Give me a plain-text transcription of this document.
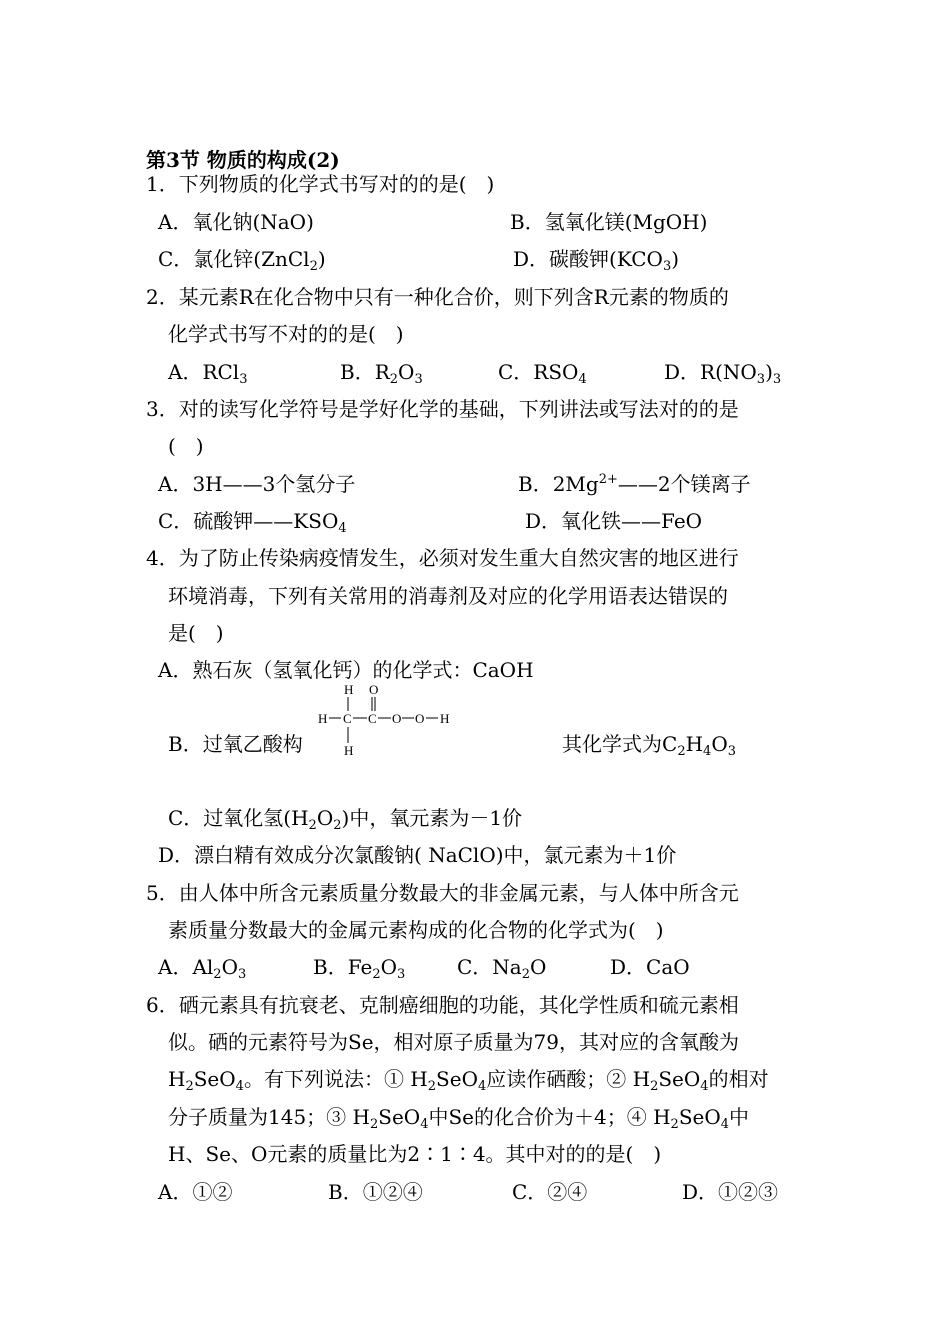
第3节 物质的构成(2)
1．下列物质的化学式书写对的的是(　)
A．氧化钠(NaO)	B．氢氧化镁(MgOH)
C．氯化锌(ZnCl$_2$)	D．碳酸钾$(KCO_3)$
2．某元素R在化合物中只有一种化合价，则下列含R元素的物质的
化学式书写不对的的是(　)
A．RCl$_3$	B．$R_2O_3$	C．$RSO_4$	D．$R(NO_3)_3$
3．对的读写化学符号是学好化学的基础，下列讲法或写法对的的是
(　)
A．3H——3个氢分子	B．$2Mg^{2+}——2$个镁离子
C．硫酸钾$——KSO_4$	D．氧化铁——FeO
4．为了防止传染病疫情发生，必须对发生重大自然灾害的地区进行
环境消毒，下列有关常用的消毒剂及对应的化学用语表达错误的
是(　)
A．熟石灰（氢氧化钙）的化学式：CaOH
H O
H C C O O H
H
B．过氧乙酸构	其化学式为$C_2H_4O_3$
C．过氧化氢$(H_2O_2)$中，氧元素为－1价
D．漂白精有效成分次氯酸钠( NaClO)中，氯元素为＋1价
5．由人体中所含元素质量分数最大的非金属元素，与人体中所含元
素质量分数最大的金属元素构成的化合物的化学式为(　)
A．$Al_2O_3$	B．$Fe_2O_3$	C．$Na_2O$	D．CaO
6．硒元素具有抗衰老、克制癌细胞的功能，其化学性质和硫元素相
似。硒的元素符号为Se，相对原子质量为79，其对应的含氧酸为
$H_2SeO_4$。有下列说法：① $H_2SeO_4$应读作硒酸；② $H_2SeO_4$的相对
分子质量为145；③ $H_2SeO_4$中Se的化合价为＋4；④ $H_2SeO_4$中
H、Se、O元素的质量比为2∶1∶4。其中对的的是(　)
A．①②	B．①②④	C．②④	D．①②③
